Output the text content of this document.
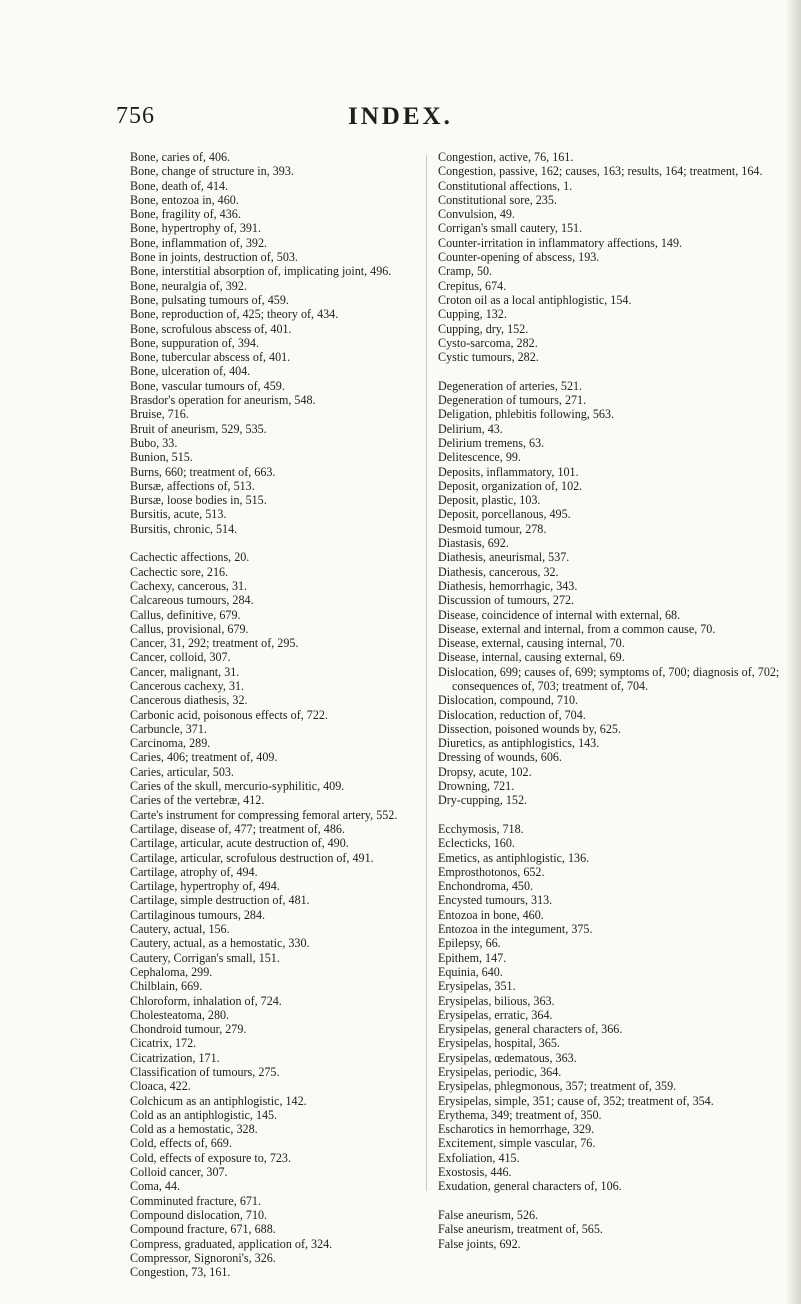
756	INDEX.
Bone, caries of, 406.
Bone, change of structure in, 393.
Bone, death of, 414.
Bone, entozoa in, 460.
Bone, fragility of, 436.
Bone, hypertrophy of, 391.
Bone, inflammation of, 392.
Bone in joints, destruction of, 503.
Bone, interstitial absorption of, implicating joint, 496.
Bone, neuralgia of, 392.
Bone, pulsating tumours of, 459.
Bone, reproduction of, 425; theory of, 434.
Bone, scrofulous abscess of, 401.
Bone, suppuration of, 394.
Bone, tubercular abscess of, 401.
Bone, ulceration of, 404.
Bone, vascular tumours of, 459.
Brasdor's operation for aneurism, 548.
Bruise, 716.
Bruit of aneurism, 529, 535.
Bubo, 33.
Bunion, 515.
Burns, 660; treatment of, 663.
Bursæ, affections of, 513.
Bursæ, loose bodies in, 515.
Bursitis, acute, 513.
Bursitis, chronic, 514.
Cachectic affections, 20.
Cachectic sore, 216.
Cachexy, cancerous, 31.
Calcareous tumours, 284.
Callus, definitive, 679.
Callus, provisional, 679.
Cancer, 31, 292; treatment of, 295.
Cancer, colloid, 307.
Cancer, malignant, 31.
Cancerous cachexy, 31.
Cancerous diathesis, 32.
Carbonic acid, poisonous effects of, 722.
Carbuncle, 371.
Carcinoma, 289.
Caries, 406; treatment of, 409.
Caries, articular, 503.
Caries of the skull, mercurio-syphilitic, 409.
Caries of the vertebræ, 412.
Carte's instrument for compressing femoral artery, 552.
Cartilage, disease of, 477; treatment of, 486.
Cartilage, articular, acute destruction of, 490.
Cartilage, articular, scrofulous destruction of, 491.
Cartilage, atrophy of, 494.
Cartilage, hypertrophy of, 494.
Cartilage, simple destruction of, 481.
Cartilaginous tumours, 284.
Cautery, actual, 156.
Cautery, actual, as a hemostatic, 330.
Cautery, Corrigan's small, 151.
Cephaloma, 299.
Chilblain, 669.
Chloroform, inhalation of, 724.
Cholesteatoma, 280.
Chondroid tumour, 279.
Cicatrix, 172.
Cicatrization, 171.
Classification of tumours, 275.
Cloaca, 422.
Colchicum as an antiphlogistic, 142.
Cold as an antiphlogistic, 145.
Cold as a hemostatic, 328.
Cold, effects of, 669.
Cold, effects of exposure to, 723.
Colloid cancer, 307.
Coma, 44.
Comminuted fracture, 671.
Compound dislocation, 710.
Compound fracture, 671, 688.
Compress, graduated, application of, 324.
Compressor, Signoroni's, 326.
Congestion, 73, 161.
Congestion, active, 76, 161.
Congestion, passive, 162; causes, 163; results, 164; treatment, 164.
Constitutional affections, 1.
Constitutional sore, 235.
Convulsion, 49.
Corrigan's small cautery, 151.
Counter-irritation in inflammatory affections, 149.
Counter-opening of abscess, 193.
Cramp, 50.
Crepitus, 674.
Croton oil as a local antiphlogistic, 154.
Cupping, 132.
Cupping, dry, 152.
Cysto-sarcoma, 282.
Cystic tumours, 282.
Degeneration of arteries, 521.
Degeneration of tumours, 271.
Deligation, phlebitis following, 563.
Delirium, 43.
Delirium tremens, 63.
Delitescence, 99.
Deposits, inflammatory, 101.
Deposit, organization of, 102.
Deposit, plastic, 103.
Deposit, porcellanous, 495.
Desmoid tumour, 278.
Diastasis, 692.
Diathesis, aneurismal, 537.
Diathesis, cancerous, 32.
Diathesis, hemorrhagic, 343.
Discussion of tumours, 272.
Disease, coincidence of internal with external, 68.
Disease, external and internal, from a common cause, 70.
Disease, external, causing internal, 70.
Disease, internal, causing external, 69.
Dislocation, 699; causes of, 699; symptoms of, 700; diagnosis of, 702; consequences of, 703; treatment of, 704.
Dislocation, compound, 710.
Dislocation, reduction of, 704.
Dissection, poisoned wounds by, 625.
Diuretics, as antiphlogistics, 143.
Dressing of wounds, 606.
Dropsy, acute, 102.
Drowning, 721.
Dry-cupping, 152.
Ecchymosis, 718.
Eclecticks, 160.
Emetics, as antiphlogistic, 136.
Emprosthotonos, 652.
Enchondroma, 450.
Encysted tumours, 313.
Entozoa in bone, 460.
Entozoa in the integument, 375.
Epilepsy, 66.
Epithem, 147.
Equinia, 640.
Erysipelas, 351.
Erysipelas, bilious, 363.
Erysipelas, erratic, 364.
Erysipelas, general characters of, 366.
Erysipelas, hospital, 365.
Erysipelas, œdematous, 363.
Erysipelas, periodic, 364.
Erysipelas, phlegmonous, 357; treatment of, 359.
Erysipelas, simple, 351; cause of, 352; treatment of, 354.
Erythema, 349; treatment of, 350.
Escharotics in hemorrhage, 329.
Excitement, simple vascular, 76.
Exfoliation, 415.
Exostosis, 446.
Exudation, general characters of, 106.
False aneurism, 526.
False aneurism, treatment of, 565.
False joints, 692.
